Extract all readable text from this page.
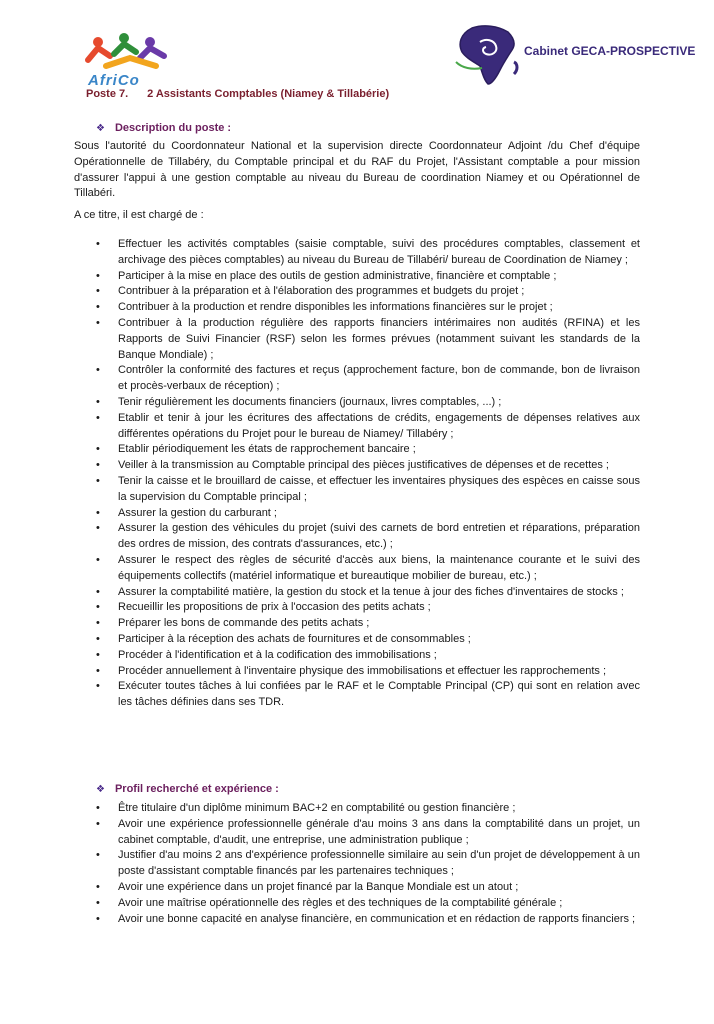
AfriCo
Cabinet GECA-PROSPECTIVE
Poste 7. 2 Assistants Comptables (Niamey & Tillabérie)
❖ Description du poste :

Sous l'autorité du Coordonnateur National et la supervision directe Coordonnateur Adjoint /du Chef d'équipe Opérationnelle de Tillabéry, du Comptable principal et du RAF du Projet, l'Assistant comptable a pour mission d'assurer l'appui à une gestion comptable au niveau du Bureau de coordination Niamey et ou Opérationnel de Tillabéri.

A ce titre, il est chargé de :

• Effectuer les activités comptables (saisie comptable, suivi des procédures comptables, classement et archivage des pièces comptables) au niveau du Bureau de Tillabéri/ bureau de Coordination de Niamey ;
• Participer à la mise en place des outils de gestion administrative, financière et comptable ;
• Contribuer à la préparation et à l'élaboration des programmes et budgets du projet ;
• Contribuer à la production et rendre disponibles les informations financières sur le projet ;
• Contribuer à la production régulière des rapports financiers intérimaires non audités (RFINA) et les Rapports de Suivi Financier (RSF) selon les formes prévues (notamment suivant les standards de la Banque Mondiale) ;
• Contrôler la conformité des factures et reçus (approchement facture, bon de commande, bon de livraison et procès-verbaux de réception) ;
• Tenir régulièrement les documents financiers (journaux, livres comptables, ...) ;
• Etablir et tenir à jour les écritures des affectations de crédits, engagements de dépenses relatives aux différentes opérations du Projet pour le bureau de Niamey/ Tillabéry ;
• Etablir périodiquement les états de rapprochement bancaire ;
• Veiller à la transmission au Comptable principal des pièces justificatives de dépenses et de recettes ;
• Tenir la caisse et le brouillard de caisse, et effectuer les inventaires physiques des espèces en caisse sous la supervision du Comptable principal ;
• Assurer la gestion du carburant ;
• Assurer la gestion des véhicules du projet (suivi des carnets de bord entretien et réparations, préparation des ordres de mission, des contrats d'assurances, etc.) ;
• Assurer le respect des règles de sécurité d'accès aux biens, la maintenance courante et le suivi des équipements collectifs (matériel informatique et bureautique mobilier de bureau, etc.) ;
• Assurer la comptabilité matière, la gestion du stock et la tenue à jour des fiches d'inventaires de stocks ;
• Recueillir les propositions de prix à l'occasion des petits achats ;
• Préparer les bons de commande des petits achats ;
• Participer à la réception des achats de fournitures et de consommables ;
• Procéder à l'identification et à la codification des immobilisations ;
• Procéder annuellement à l'inventaire physique des immobilisations et effectuer les rapprochements ;
• Exécuter toutes tâches à lui confiées par le RAF et le Comptable Principal (CP) qui sont en relation avec les tâches définies dans ses TDR.
❖ Profil recherché et expérience :
• Être titulaire d'un diplôme minimum BAC+2 en comptabilité ou gestion financière ;
• Avoir une expérience professionnelle générale d'au moins 3 ans dans la comptabilité dans un projet, un cabinet comptable, d'audit, une entreprise, une administration publique ;
• Justifier d'au moins 2 ans d'expérience professionnelle similaire au sein d'un projet de développement à un poste d'assistant comptable financés par les partenaires techniques ;
• Avoir une expérience dans un projet financé par la Banque Mondiale est un atout ;
• Avoir une maîtrise opérationnelle des règles et des techniques de la comptabilité générale ;
• Avoir une bonne capacité en analyse financière, en communication et en rédaction de rapports financiers ;
